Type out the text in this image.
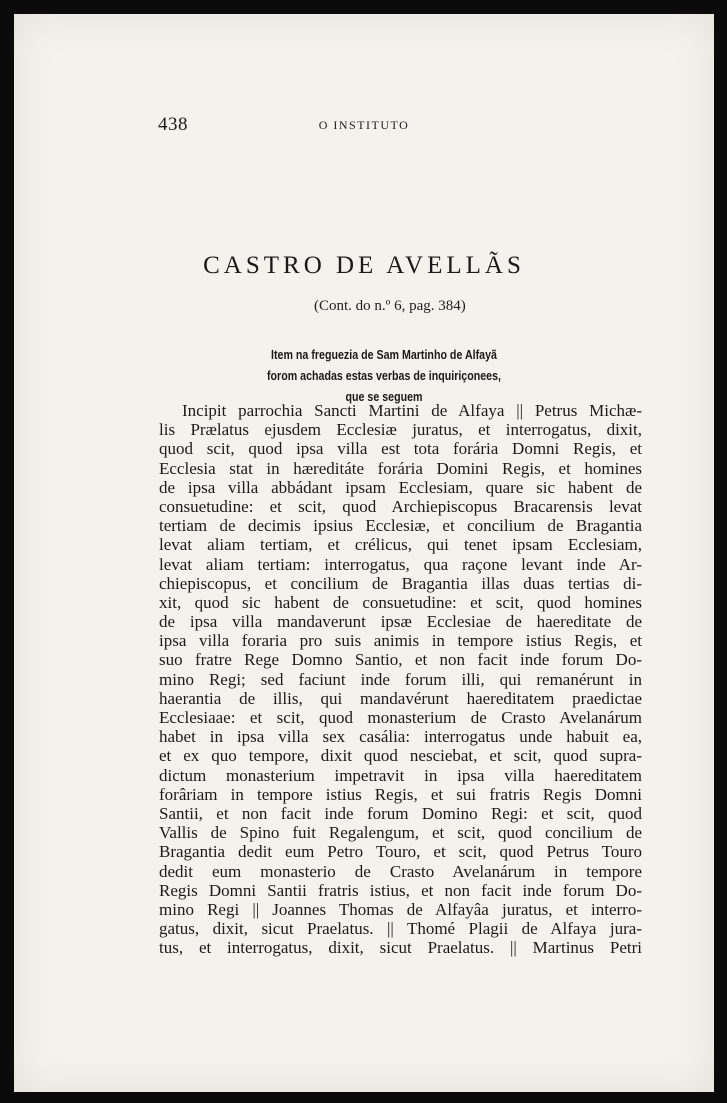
438	O INSTITUTO
CASTRO DE AVELLÃS
(Cont. do n.º 6, pag. 384)
Item na freguezia de Sam Martinho de Alfayã
forom achadas estas verbas de inquiriçonees,
que se seguem
Incipit parrochia Sancti Martini de Alfaya || Petrus Michæ-
lis Prælatus ejusdem Ecclesiæ juratus, et interrogatus, dixit,
quod scit, quod ipsa villa est tota forária Domni Regis, et
Ecclesia stat in hæreditáte forária Domini Regis, et homines
de ipsa villa abbádant ipsam Ecclesiam, quare sic habent de
consuetudine: et scit, quod Archiepiscopus Bracarensis levat
tertiam de decimis ipsius Ecclesiæ, et concilium de Bragantia
levat aliam tertiam, et crélicus, qui tenet ipsam Ecclesiam,
levat aliam tertiam: interrogatus, qua raçone levant inde Ar-
chiepiscopus, et concilium de Bragantia illas duas tertias di-
xit, quod sic habent de consuetudine: et scit, quod homines
de ipsa villa mandaverunt ipsæ Ecclesiae de haereditate de
ipsa villa foraria pro suis animis in tempore istius Regis, et
suo fratre Rege Domno Santio, et non facit inde forum Do-
mino Regi; sed faciunt inde forum illi, qui remanérunt in
haerantia de illis, qui mandavérunt haereditatem praedictae
Ecclesiaae: et scit, quod monasterium de Crasto Avelanárum
habet in ipsa villa sex casália: interrogatus unde habuit ea,
et ex quo tempore, dixit quod nesciebat, et scit, quod supra-
dictum monasterium impetravit in ipsa villa haereditatem
forâriam in tempore istius Regis, et sui fratris Regis Domni
Santii, et non facit inde forum Domino Regi: et scit, quod
Vallis de Spino fuit Regalengum, et scit, quod concilium de
Bragantia dedit eum Petro Touro, et scit, quod Petrus Touro
dedit eum monasterio de Crasto Avelanárum in tempore
Regis Domni Santii fratris istius, et non facit inde forum Do-
mino Regi || Joannes Thomas de Alfayâa juratus, et interro-
gatus, dixit, sicut Praelatus. || Thomé Plagii de Alfaya jura-
tus, et interrogatus, dixit, sicut Praelatus. || Martinus Petri
